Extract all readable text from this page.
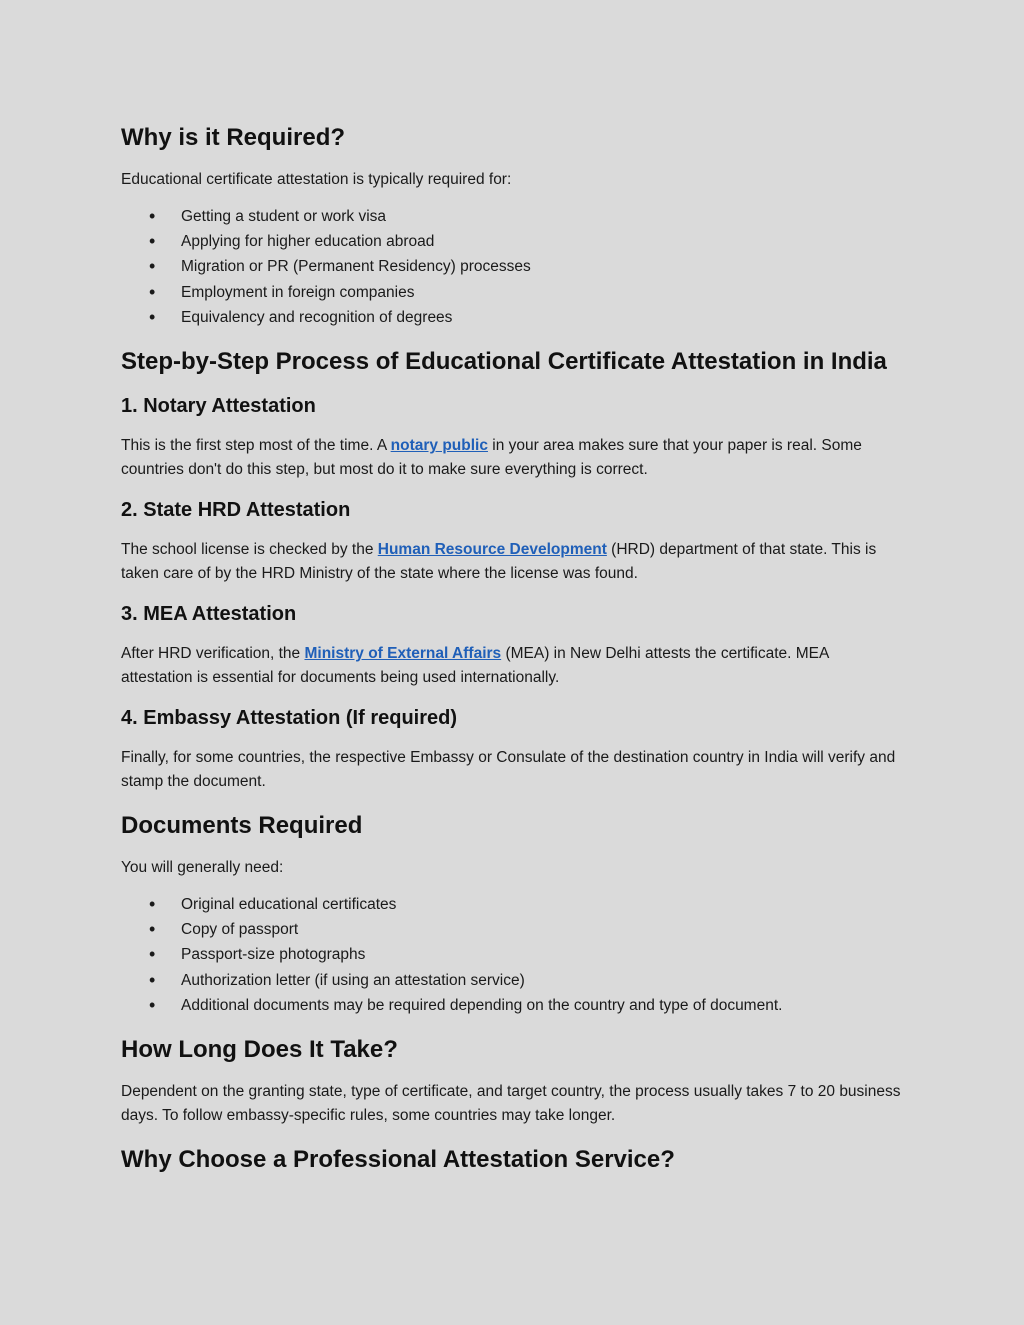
Why is it Required?

Educational certificate attestation is typically required for:

• Getting a student or work visa
• Applying for higher education abroad
• Migration or PR (Permanent Residency) processes
• Employment in foreign companies
• Equivalency and recognition of degrees
Step-by-Step Process of Educational Certificate Attestation in India
1. Notary Attestation

This is the first step most of the time. A notary public in your area makes sure that your paper is real. Some countries don't do this step, but most do it to make sure everything is correct.

2. State HRD Attestation

The school license is checked by the Human Resource Development (HRD) department of that state. This is taken care of by the HRD Ministry of the state where the license was found.

3. MEA Attestation

After HRD verification, the Ministry of External Affairs (MEA) in New Delhi attests the certificate. MEA attestation is essential for documents being used internationally.

4. Embassy Attestation (If required)

Finally, for some countries, the respective Embassy or Consulate of the destination country in India will verify and stamp the document.

Documents Required

You will generally need:

• Original educational certificates
• Copy of passport
• Passport-size photographs
• Authorization letter (if using an attestation service)
• Additional documents may be required depending on the country and type of document.
How Long Does It Take?

Dependent on the granting state, type of certificate, and target country, the process usually takes 7 to 20 business days. To follow embassy-specific rules, some countries may take longer.

Why Choose a Professional Attestation Service?
